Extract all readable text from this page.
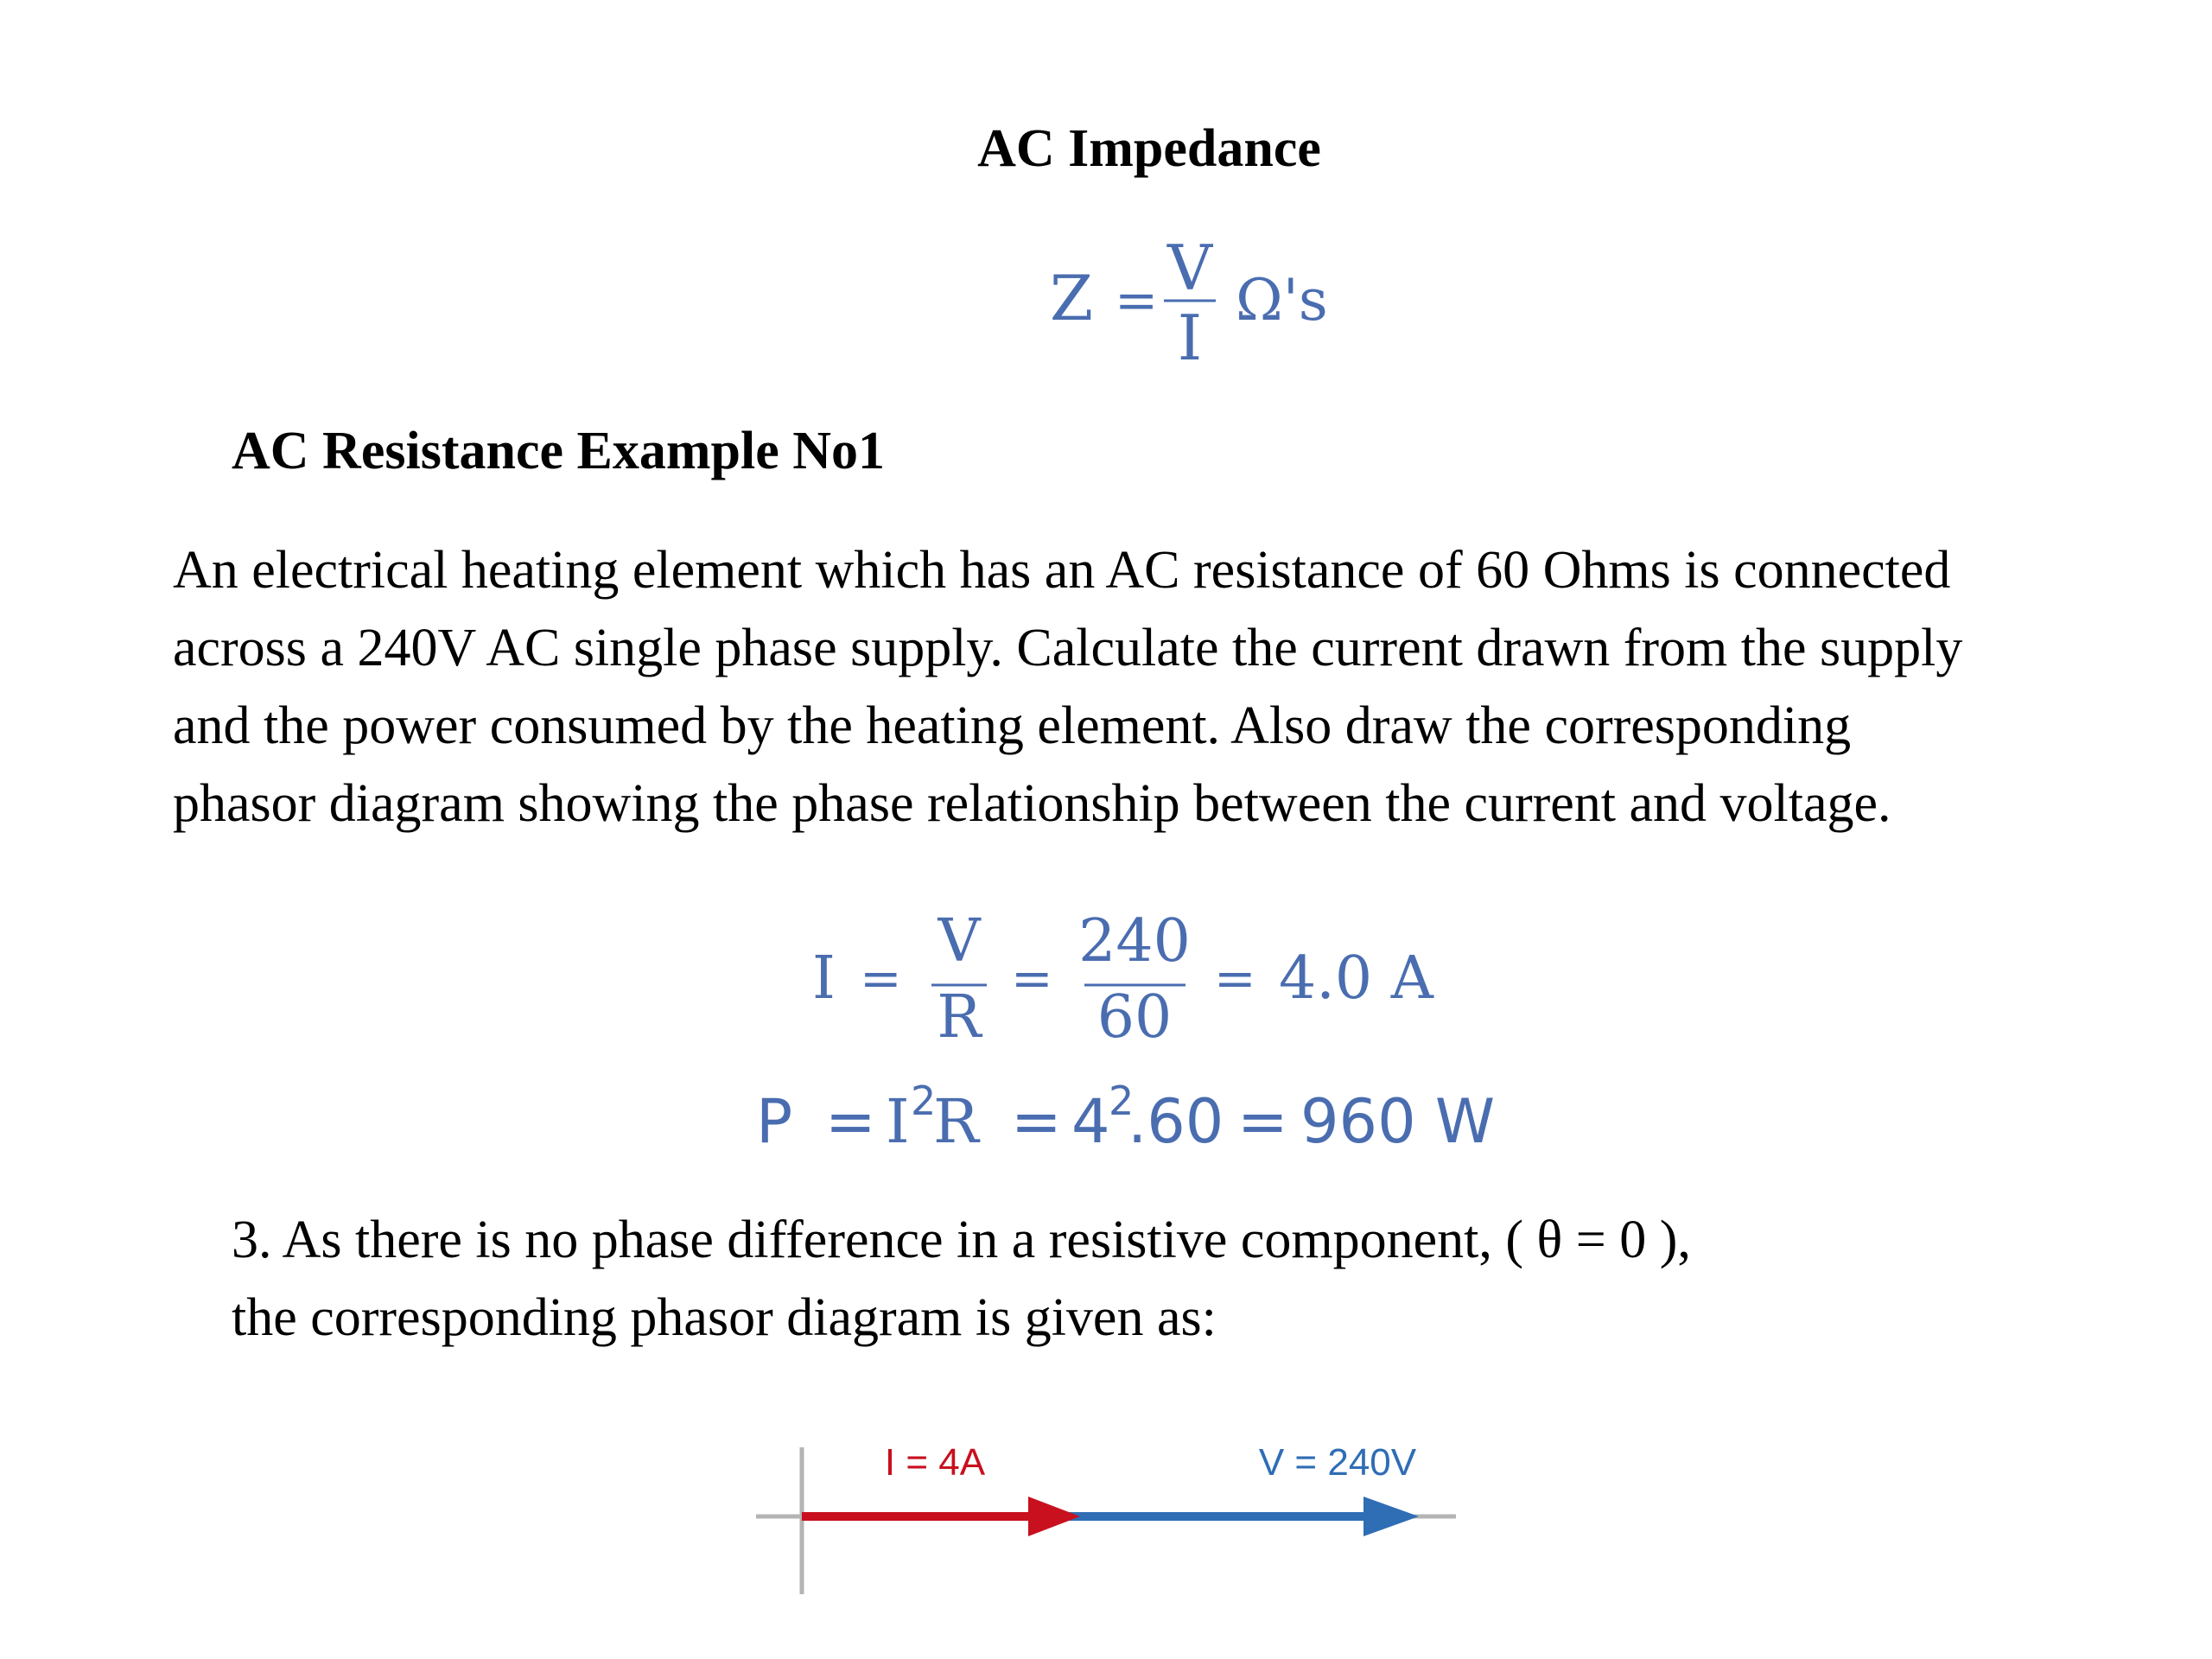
AC Impedance
Z = V
I
Ω's
I =
V
R
=
240
60
= 4.0 A
P = I 2
R = 4
2
.60 = 960 W
AC Resistance Example No1

An electrical heating element which has an AC resistance of 60 Ohms is connected

across a 240V AC single phase supply. Calculate the current drawn from the supply

and the power consumed by the heating element. Also draw the corresponding

phasor diagram showing the phase relationship between the current and voltage.

3. As there is no phase difference in a resistive component, ( θ = 0 ),

the corresponding phasor diagram is given as:

I = 4A	V = 240V
